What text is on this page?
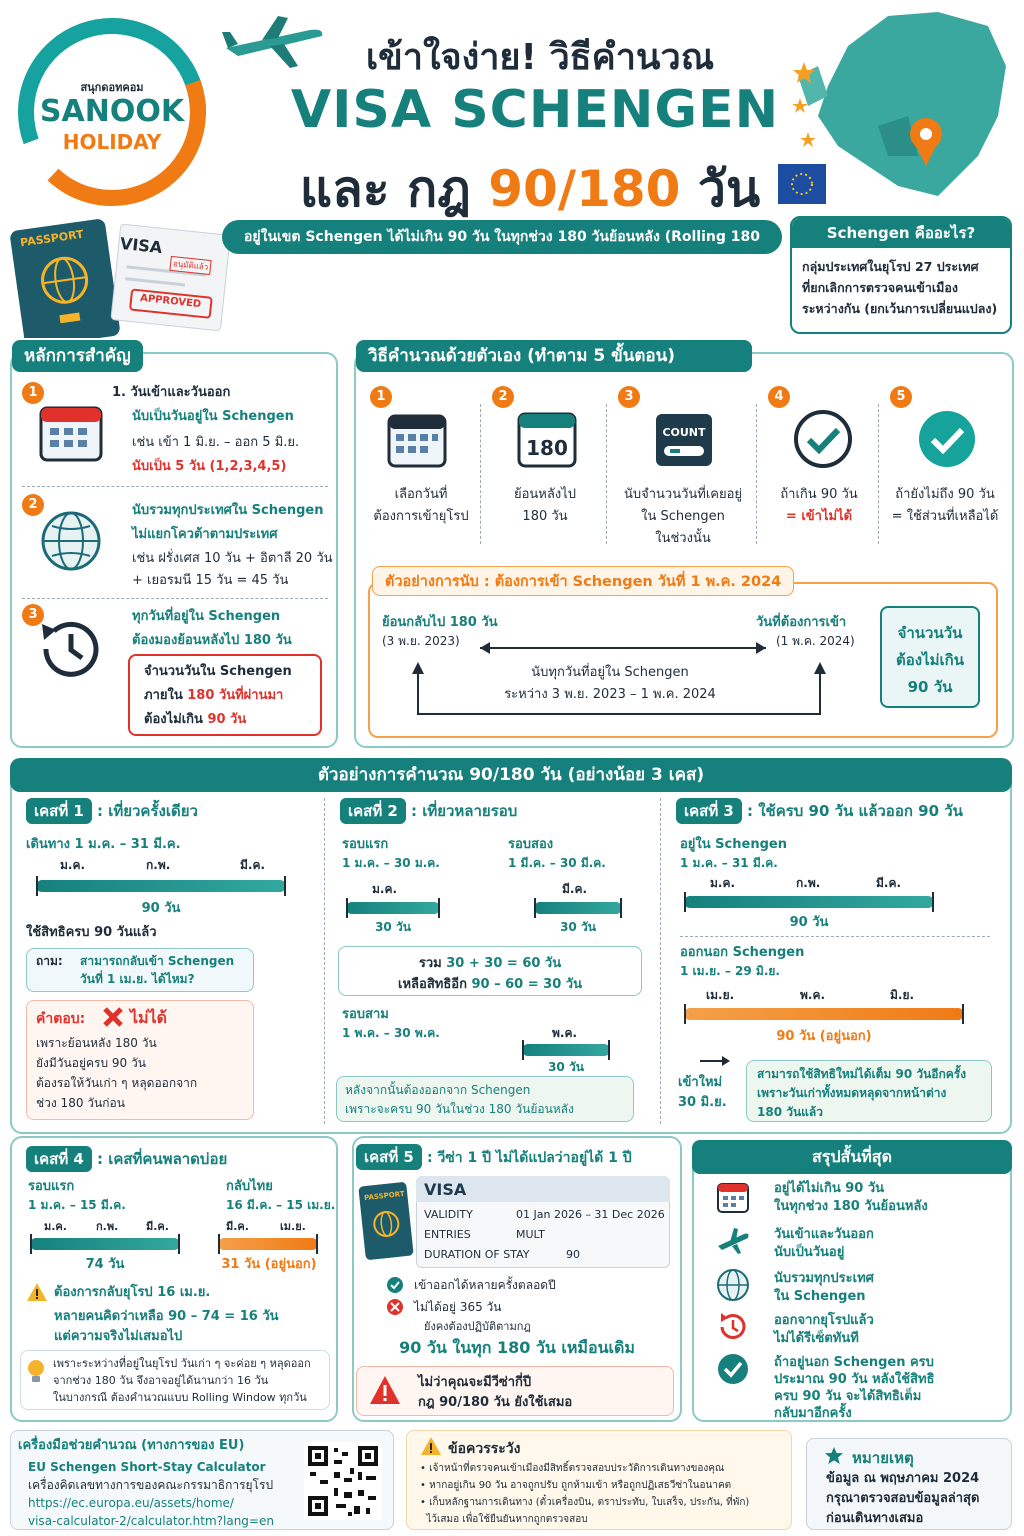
สนุกดอทคอม
SANOOK
HOLIDAY
เข้าใจง่าย! วิธีคำนวณ
VISA SCHENGEN
และ กฎ 90/180 วัน
PASSPORT VISA
อนุมัติแล้ว
APPROVED
อยู่ในเขต Schengen ได้ไม่เกิน 90 วัน ในทุกช่วง 180 วันย้อนหลัง (Rolling 180 Days)
Schengen คืออะไร?
กลุ่มประเทศในยุโรป 27 ประเทศ
ที่ยกเลิกการตรวจคนเข้าเมือง
ระหว่างกัน (ยกเว้นการเปลี่ยนแปลง)
หลักการสำคัญ
1	1. วันเข้าและวันออก
นับเป็นวันอยู่ใน Schengen
เช่น เข้า 1 มิ.ย. – ออก 5 มิ.ย.
นับเป็น 5 วัน (1,2,3,4,5)
2	นับรวมทุกประเทศใน Schengen
ไม่แยกโควต้าตามประเทศ
เช่น ฝรั่งเศส 10 วัน + อิตาลี 20 วัน
+ เยอรมนี 15 วัน = 45 วัน
3	ทุกวันที่อยู่ใน Schengen
ต้องมองย้อนหลังไป 180 วัน
จำนวนวันใน Schengen
ภายใน 180 วันที่ผ่านมา
ต้องไม่เกิน 90 วัน
วิธีคำนวณด้วยตัวเอง (ทำตาม 5 ขั้นตอน)
1
เลือกวันที่
ต้องการเข้ายุโรป
2
ย้อนหลังไป
180 วัน
3
นับจำนวนวันที่เคยอยู่
ใน Schengen
ในช่วงนั้น
4
ถ้าเกิน 90 วัน
= เข้าไม่ได้
5
ถ้ายังไม่ถึง 90 วัน
= ใช้ส่วนที่เหลือได้
180
COUNT
ตัวอย่างการนับ : ต้องการเข้า Schengen วันที่ 1 พ.ค. 2024
ย้อนกลับไป 180 วัน
(3 พ.ย. 2023)
วันที่ต้องการเข้า
(1 พ.ค. 2024)
นับทุกวันที่อยู่ใน Schengen
ระหว่าง 3 พ.ย. 2023 – 1 พ.ค. 2024
จำนวนวัน
ต้องไม่เกิน
90 วัน
ตัวอย่างการคำนวณ 90/180 วัน (อย่างน้อย 3 เคส)
เคสที่ 1 : เที่ยวครั้งเดียว
เดินทาง 1 ม.ค. – 31 มี.ค.
ม.ค.	ก.พ.	มี.ค.
90 วัน
ใช้สิทธิครบ 90 วันแล้ว
ถาม: สามารถกลับเข้า Schengen
วันที่ 1 เม.ย. ได้ไหม?
คำตอบ:	ไม่ได้
เพราะย้อนหลัง 180 วัน
ยังมีวันอยู่ครบ 90 วัน
ต้องรอให้วันเก่า ๆ หลุดออกจาก
ช่วง 180 วันก่อน
เคสที่ 2 : เที่ยวหลายรอบ
รอบแรก
1 ม.ค. – 30 ม.ค.
ม.ค.
30 วัน
รอบสอง
1 มี.ค. – 30 มี.ค.
มี.ค.
30 วัน
รวม 30 + 30 = 60 วัน
เหลือสิทธิอีก 90 – 60 = 30 วัน
รอบสาม
1 พ.ค. – 30 พ.ค.	พ.ค.
30 วัน
หลังจากนั้นต้องออกจาก Schengen
เพราะจะครบ 90 วันในช่วง 180 วันย้อนหลัง
เคสที่ 3 : ใช้ครบ 90 วัน แล้วออก 90 วัน
อยู่ใน Schengen
1 ม.ค. – 31 มี.ค.
ม.ค.	ก.พ.	มี.ค.
90 วัน
ออกนอก Schengen
1 เม.ย. – 29 มิ.ย.
เม.ย.	พ.ค.	มิ.ย.
90 วัน (อยู่นอก)
เข้าใหม่
30 มิ.ย.
สามารถใช้สิทธิใหม่ได้เต็ม 90 วันอีกครั้ง
เพราะวันเก่าทั้งหมดหลุดจากหน้าต่าง
180 วันแล้ว
เคสที่ 4 : เคสที่คนพลาดบ่อย
รอบแรก
1 ม.ค. – 15 มี.ค.
ม.ค.	ก.พ.	มี.ค.
74 วัน
กลับไทย
16 มี.ค. – 15 เม.ย.
มี.ค.	เม.ย.
31 วัน (อยู่นอก)
ต้องการกลับยุโรป 16 เม.ย.
หลายคนคิดว่าเหลือ 90 – 74 = 16 วัน
แต่ความจริงไม่เสมอไป
เพราะระหว่างที่อยู่ในยุโรป วันเก่า ๆ จะค่อย ๆ หลุดออก
จากช่วง 180 วัน จึงอาจอยู่ได้นานกว่า 16 วัน
ในบางกรณี ต้องคำนวณแบบ Rolling Window ทุกวัน
เคสที่ 5 : วีซ่า 1 ปี ไม่ได้แปลว่าอยู่ได้ 1 ปี
PASSPORT VISA
VALIDITY	01 Jan 2026 – 31 Dec 2026
ENTRIES	MULT
DURATION OF STAY	90
เข้าออกได้หลายครั้งตลอดปี
ไม่ได้อยู่ 365 วัน
ยังคงต้องปฏิบัติตามกฎ
90 วัน ในทุก 180 วัน เหมือนเดิม
ไม่ว่าคุณจะมีวีซ่ากี่ปี
กฎ 90/180 วัน ยังใช้เสมอ
สรุปสั้นที่สุด
อยู่ได้ไม่เกิน 90 วัน
ในทุกช่วง 180 วันย้อนหลัง
วันเข้าและวันออก
นับเป็นวันอยู่
นับรวมทุกประเทศ
ใน Schengen
ออกจากยุโรปแล้ว
ไม่ได้รีเซ็ตทันที
ถ้าอยู่นอก Schengen ครบ
ประมาณ 90 วัน หลังใช้สิทธิ
ครบ 90 วัน จะได้สิทธิเต็ม
กลับมาอีกครั้ง
เครื่องมือช่วยคำนวณ (ทางการของ EU)
EU Schengen Short-Stay Calculator
เครื่องคิดเลขทางการของคณะกรรมาธิการยุโรป
https://ec.europa.eu/assets/home/
visa-calculator-2/calculator.htm?lang=en
ข้อควรระวัง
• เจ้าหน้าที่ตรวจคนเข้าเมืองมีสิทธิ์ตรวจสอบประวัติการเดินทางของคุณ
• หากอยู่เกิน 90 วัน อาจถูกปรับ ถูกห้ามเข้า หรือถูกปฏิเสธวีซ่าในอนาคต
• เก็บหลักฐานการเดินทาง (ตั๋วเครื่องบิน, ตราประทับ, ใบเสร็จ, ประกัน, ที่พัก)
ไว้เสมอ เพื่อใช้ยืนยันหากถูกตรวจสอบ
หมายเหตุ
ข้อมูล ณ พฤษภาคม 2024
กรุณาตรวจสอบข้อมูลล่าสุด
ก่อนเดินทางเสมอ
